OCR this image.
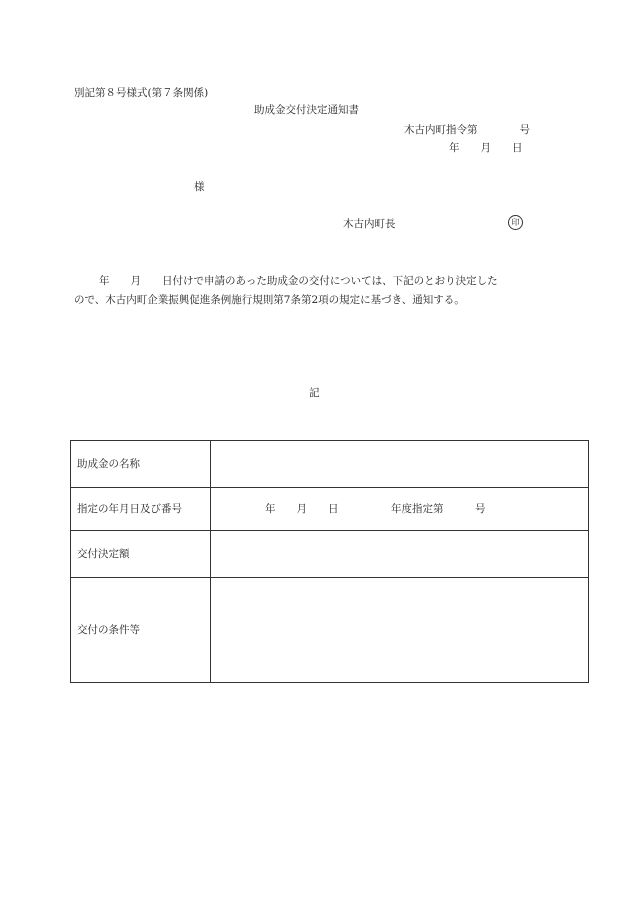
別記第８号様式(第７条関係)
助成金交付決定通知書
木古内町指令第　　　　号
年　　月　　日
様
木古内町長	印
年　　月　　日付けで申請のあった助成金の交付については、下記のとおり決定した
ので、木古内町企業振興促進条例施行規則第7条第2項の規定に基づき、通知する。
記
助成金の名称	
指定の年月日及び番号	年　　月　　日　　　　　年度指定第　　　号
交付決定額	
交付の条件等	
